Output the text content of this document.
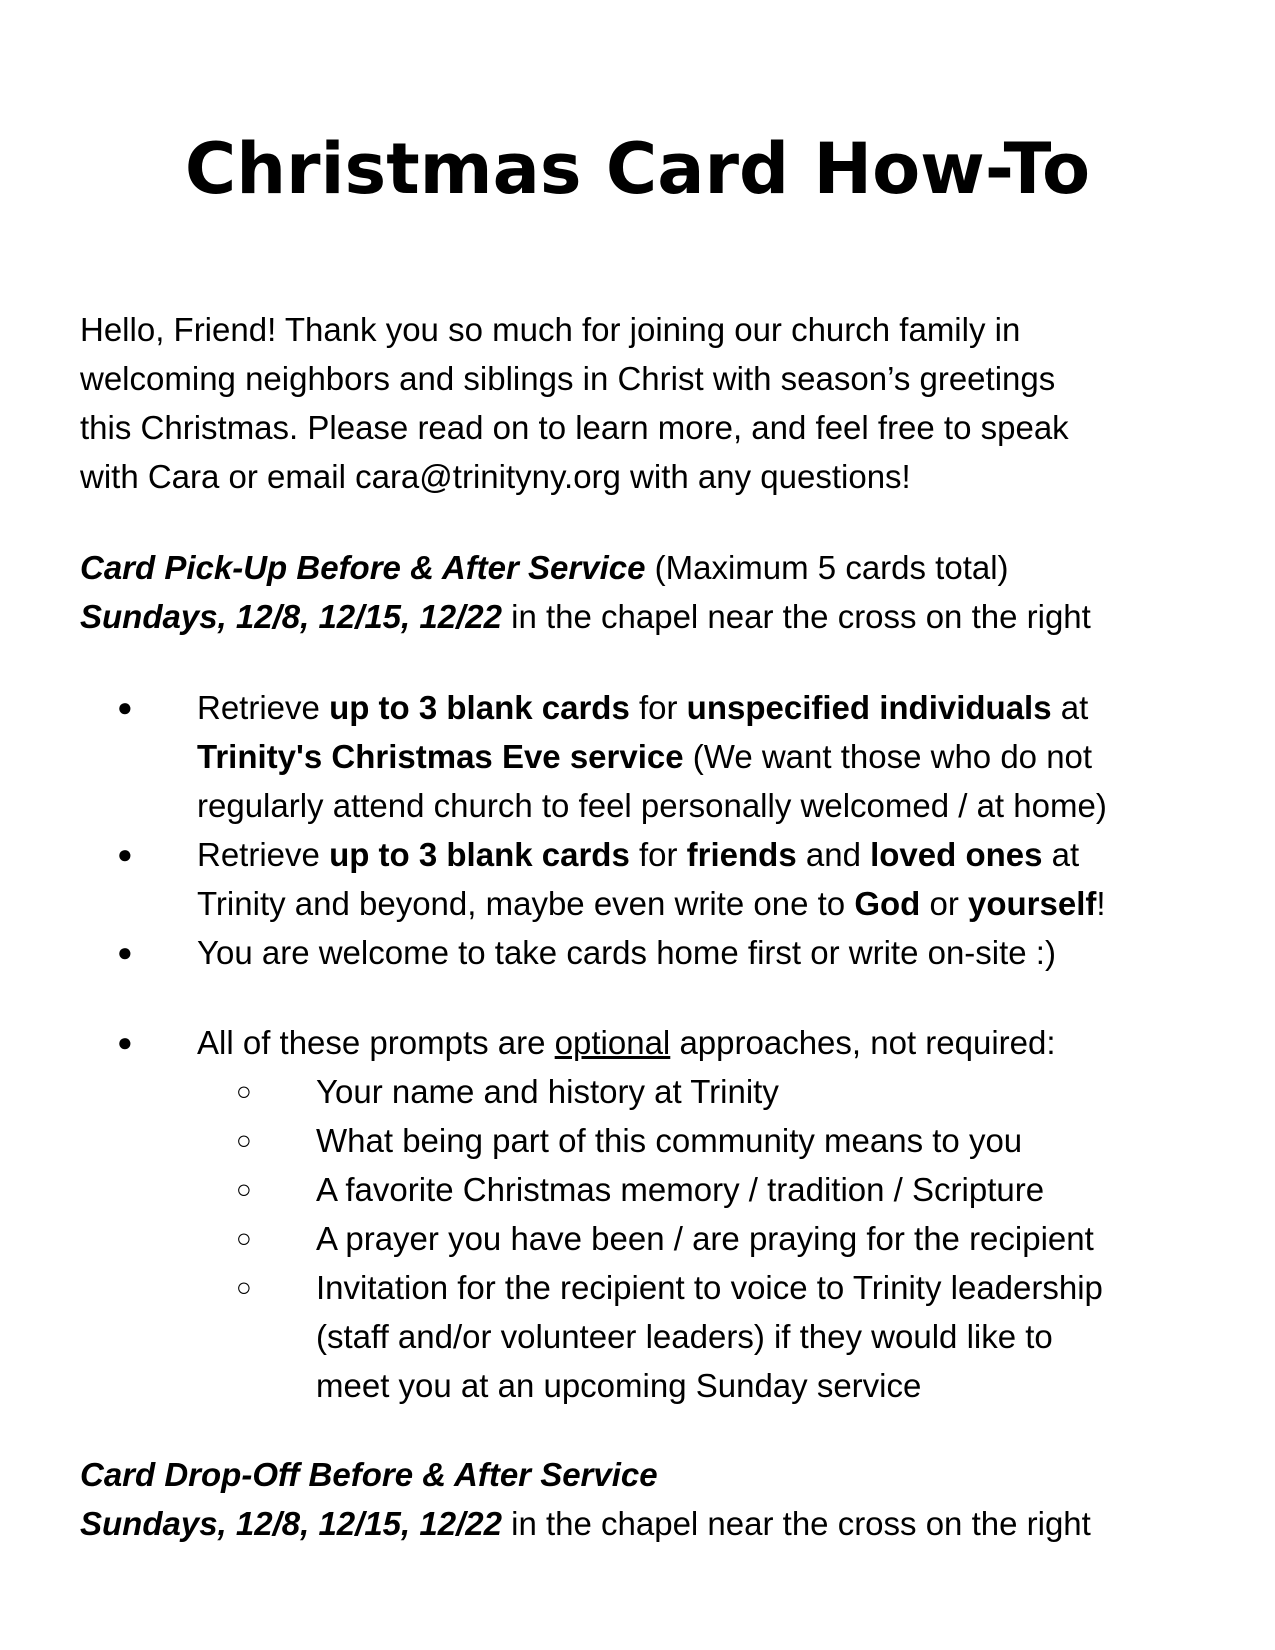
Christmas Card How-To

Hello, Friend! Thank you so much for joining our church family in
welcoming neighbors and siblings in Christ with season’s greetings
this Christmas. Please read on to learn more, and feel free to speak
with Cara or email cara@trinityny.org with any questions!

Card Pick-Up Before & After Service (Maximum 5 cards total)
Sundays, 12/8, 12/15, 12/22 in the chapel near the cross on the right

● Retrieve up to 3 blank cards for unspecified individuals at
Trinity's Christmas Eve service (We want those who do not
regularly attend church to feel personally welcomed / at home)
● Retrieve up to 3 blank cards for friends and loved ones at
Trinity and beyond, maybe even write one to God or yourself!
● You are welcome to take cards home first or write on-site :)
● All of these prompts are optional approaches, not required:
○ Your name and history at Trinity
○ What being part of this community means to you
○ A favorite Christmas memory / tradition / Scripture
○ A prayer you have been / are praying for the recipient
○ Invitation for the recipient to voice to Trinity leadership
(staff and/or volunteer leaders) if they would like to
meet you at an upcoming Sunday service

Card Drop-Off Before & After Service
Sundays, 12/8, 12/15, 12/22 in the chapel near the cross on the right
